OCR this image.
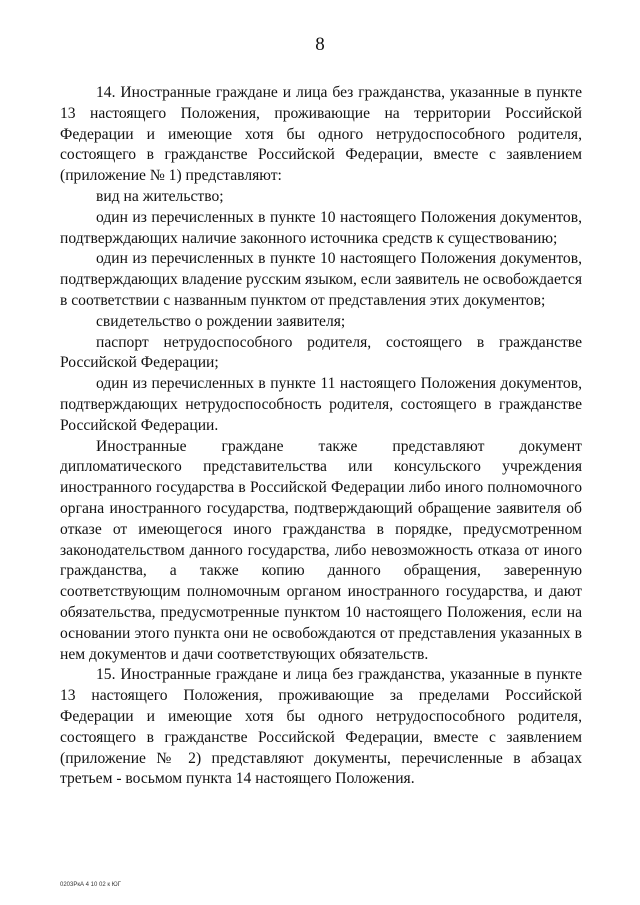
8

14. Иностранные граждане и лица без гражданства, указанные в пункте 13 настоящего Положения, проживающие на территории Российской Федерации и имеющие хотя бы одного нетрудоспособного родителя, состоящего в гражданстве Российской Федерации, вместе с заявлением (приложение № 1) представляют:

вид на жительство;

один из перечисленных в пункте 10 настоящего Положения документов, подтверждающих наличие законного источника средств к существованию;

один из перечисленных в пункте 10 настоящего Положения документов, подтверждающих владение русским языком, если заявитель не освобождается в соответствии с названным пунктом от представления этих документов;

свидетельство о рождении заявителя;

паспорт нетрудоспособного родителя, состоящего в гражданстве Российской Федерации;

один из перечисленных в пункте 11 настоящего Положения документов, подтверждающих нетрудоспособность родителя, состоящего в гражданстве Российской Федерации.

Иностранные граждане также представляют документ дипломатического представительства или консульского учреждения иностранного государства в Российской Федерации либо иного полномочного органа иностранного государства, подтверждающий обращение заявителя об отказе от имеющегося иного гражданства в порядке, предусмотренном законодательством данного государства, либо невозможность отказа от иного гражданства, а также копию данного обращения, заверенную соответствующим полномочным органом иностранного государства, и дают обязательства, предусмотренные пунктом 10 настоящего Положения, если на основании этого пункта они не освобождаются от представления указанных в нем документов и дачи соответствующих обязательств.

15. Иностранные граждане и лица без гражданства, указанные в пункте 13 настоящего Положения, проживающие за пределами Российской Федерации и имеющие хотя бы одного нетрудоспособного родителя, состоящего в гражданстве Российской Федерации, вместе с заявлением (приложение № 2) представляют документы, перечисленные в абзацах третьем - восьмом пункта 14 настоящего Положения.

0203РкА 4 10 02 к ЮГ
